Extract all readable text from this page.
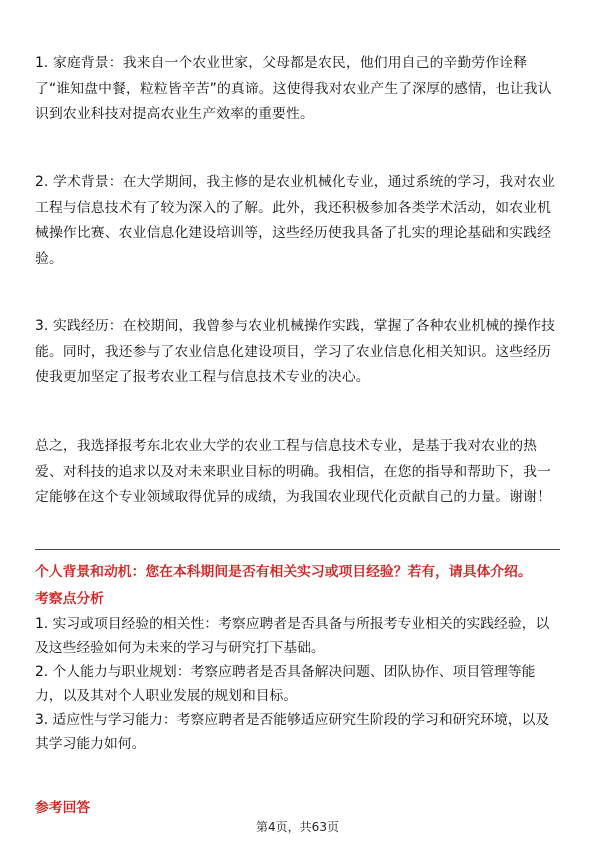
1. 家庭背景：我来自一个农业世家，父母都是农民，他们用自己的辛勤劳作诠释了“谁知盘中餐，粒粒皆辛苦”的真谛。这使得我对农业产生了深厚的感情，也让我认识到农业科技对提高农业生产效率的重要性。

2. 学术背景：在大学期间，我主修的是农业机械化专业，通过系统的学习，我对农业工程与信息技术有了较为深入的了解。此外，我还积极参加各类学术活动，如农业机械操作比赛、农业信息化建设培训等，这些经历使我具备了扎实的理论基础和实践经验。

3. 实践经历：在校期间，我曾参与农业机械操作实践，掌握了各种农业机械的操作技能。同时，我还参与了农业信息化建设项目，学习了农业信息化相关知识。这些经历使我更加坚定了报考农业工程与信息技术专业的决心。

总之，我选择报考东北农业大学的农业工程与信息技术专业，是基于我对农业的热爱、对科技的追求以及对未来职业目标的明确。我相信，在您的指导和帮助下，我一定能够在这个专业领域取得优异的成绩，为我国农业现代化贡献自己的力量。谢谢！

个人背景和动机：您在本科期间是否有相关实习或项目经验？若有，请具体介绍。

考察点分析

1. 实习或项目经验的相关性：考察应聘者是否具备与所报考专业相关的实践经验，以及这些经验如何为未来的学习与研究打下基础。

2. 个人能力与职业规划：考察应聘者是否具备解决问题、团队协作、项目管理等能力，以及其对个人职业发展的规划和目标。

3. 适应性与学习能力：考察应聘者是否能够适应研究生阶段的学习和研究环境，以及其学习能力如何。

参考回答

第4页，共63页
